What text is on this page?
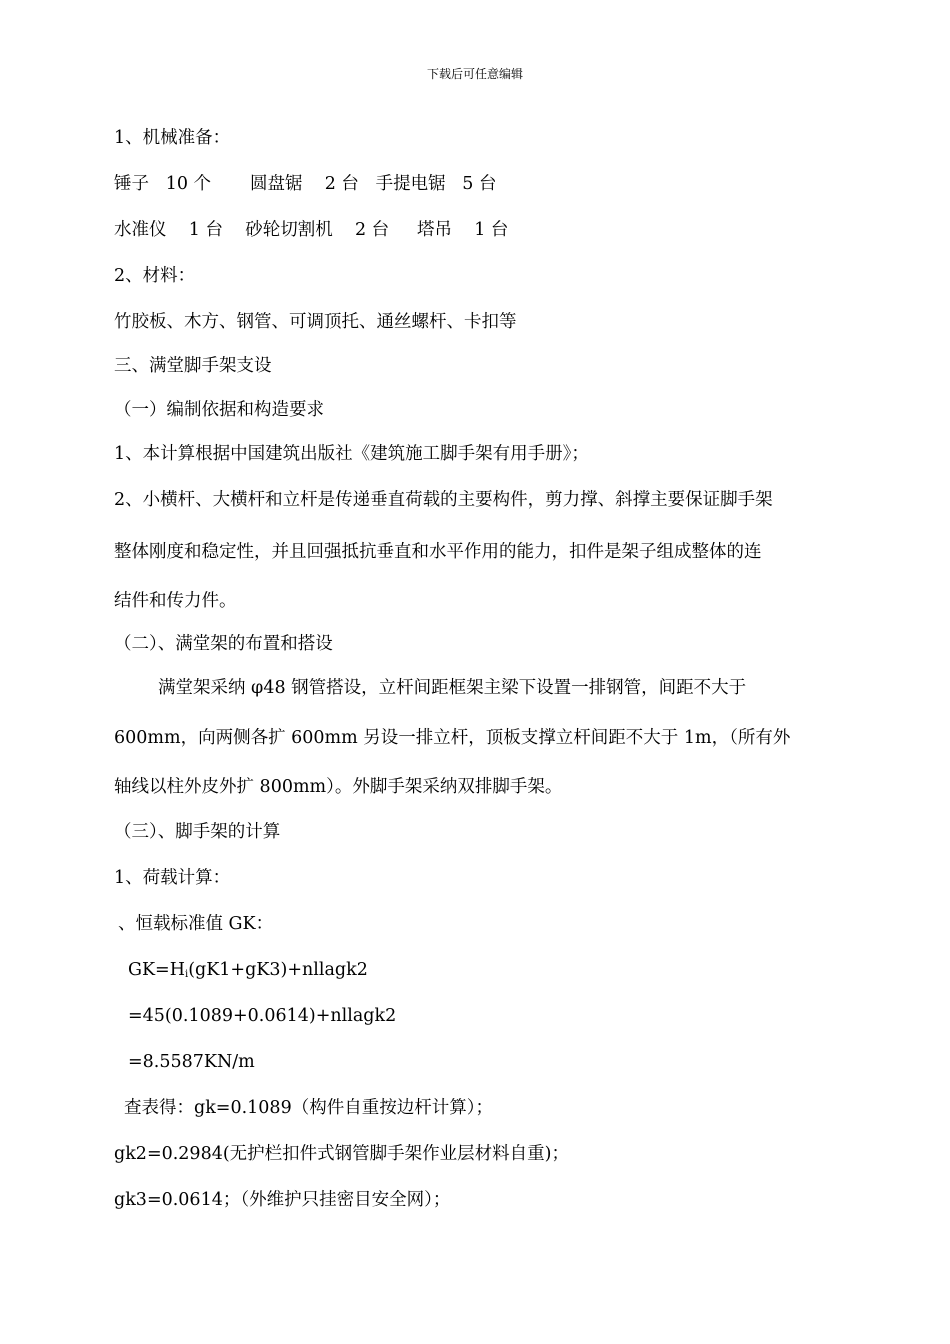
下载后可任意编辑
1、机械准备：
锤子   10 个       圆盘锯    2 台   手提电锯   5 台
水准仪    1 台    砂轮切割机    2 台     塔吊    1 台
2、材料：
竹胶板、木方、钢管、可调顶托、通丝螺杆、卡扣等
三、满堂脚手架支设
（一）编制依据和构造要求
1、本计算根据中国建筑出版社《建筑施工脚手架有用手册》；
2、小横杆、大横杆和立杆是传递垂直荷载的主要构件，剪力撑、斜撑主要保证脚手架
整体刚度和稳定性，并且回强抵抗垂直和水平作用的能力，扣件是架子组成整体的连
结件和传力件。
（二）、满堂架的布置和搭设
满堂架采纳 φ48 钢管搭设，立杆间距框架主梁下设置一排钢管，间距不大于
600mm，向两侧各扩 600mm 另设一排立杆，顶板支撑立杆间距不大于 1m，（所有外
轴线以柱外皮外扩 800mm）。外脚手架采纳双排脚手架。
（三）、脚手架的计算
1、荷载计算：
、恒载标准值 GK：
$GK=H_i(gK1+gK3)+nllagk2$
=45(0.1089+0.0614)+nllagk2
=8.5587KN/m
查表得：gk=0.1089（构件自重按边杆计算）；
gk2=0.2984(无护栏扣件式钢管脚手架作业层材料自重)；
gk3=0.0614；（外维护只挂密目安全网）；
